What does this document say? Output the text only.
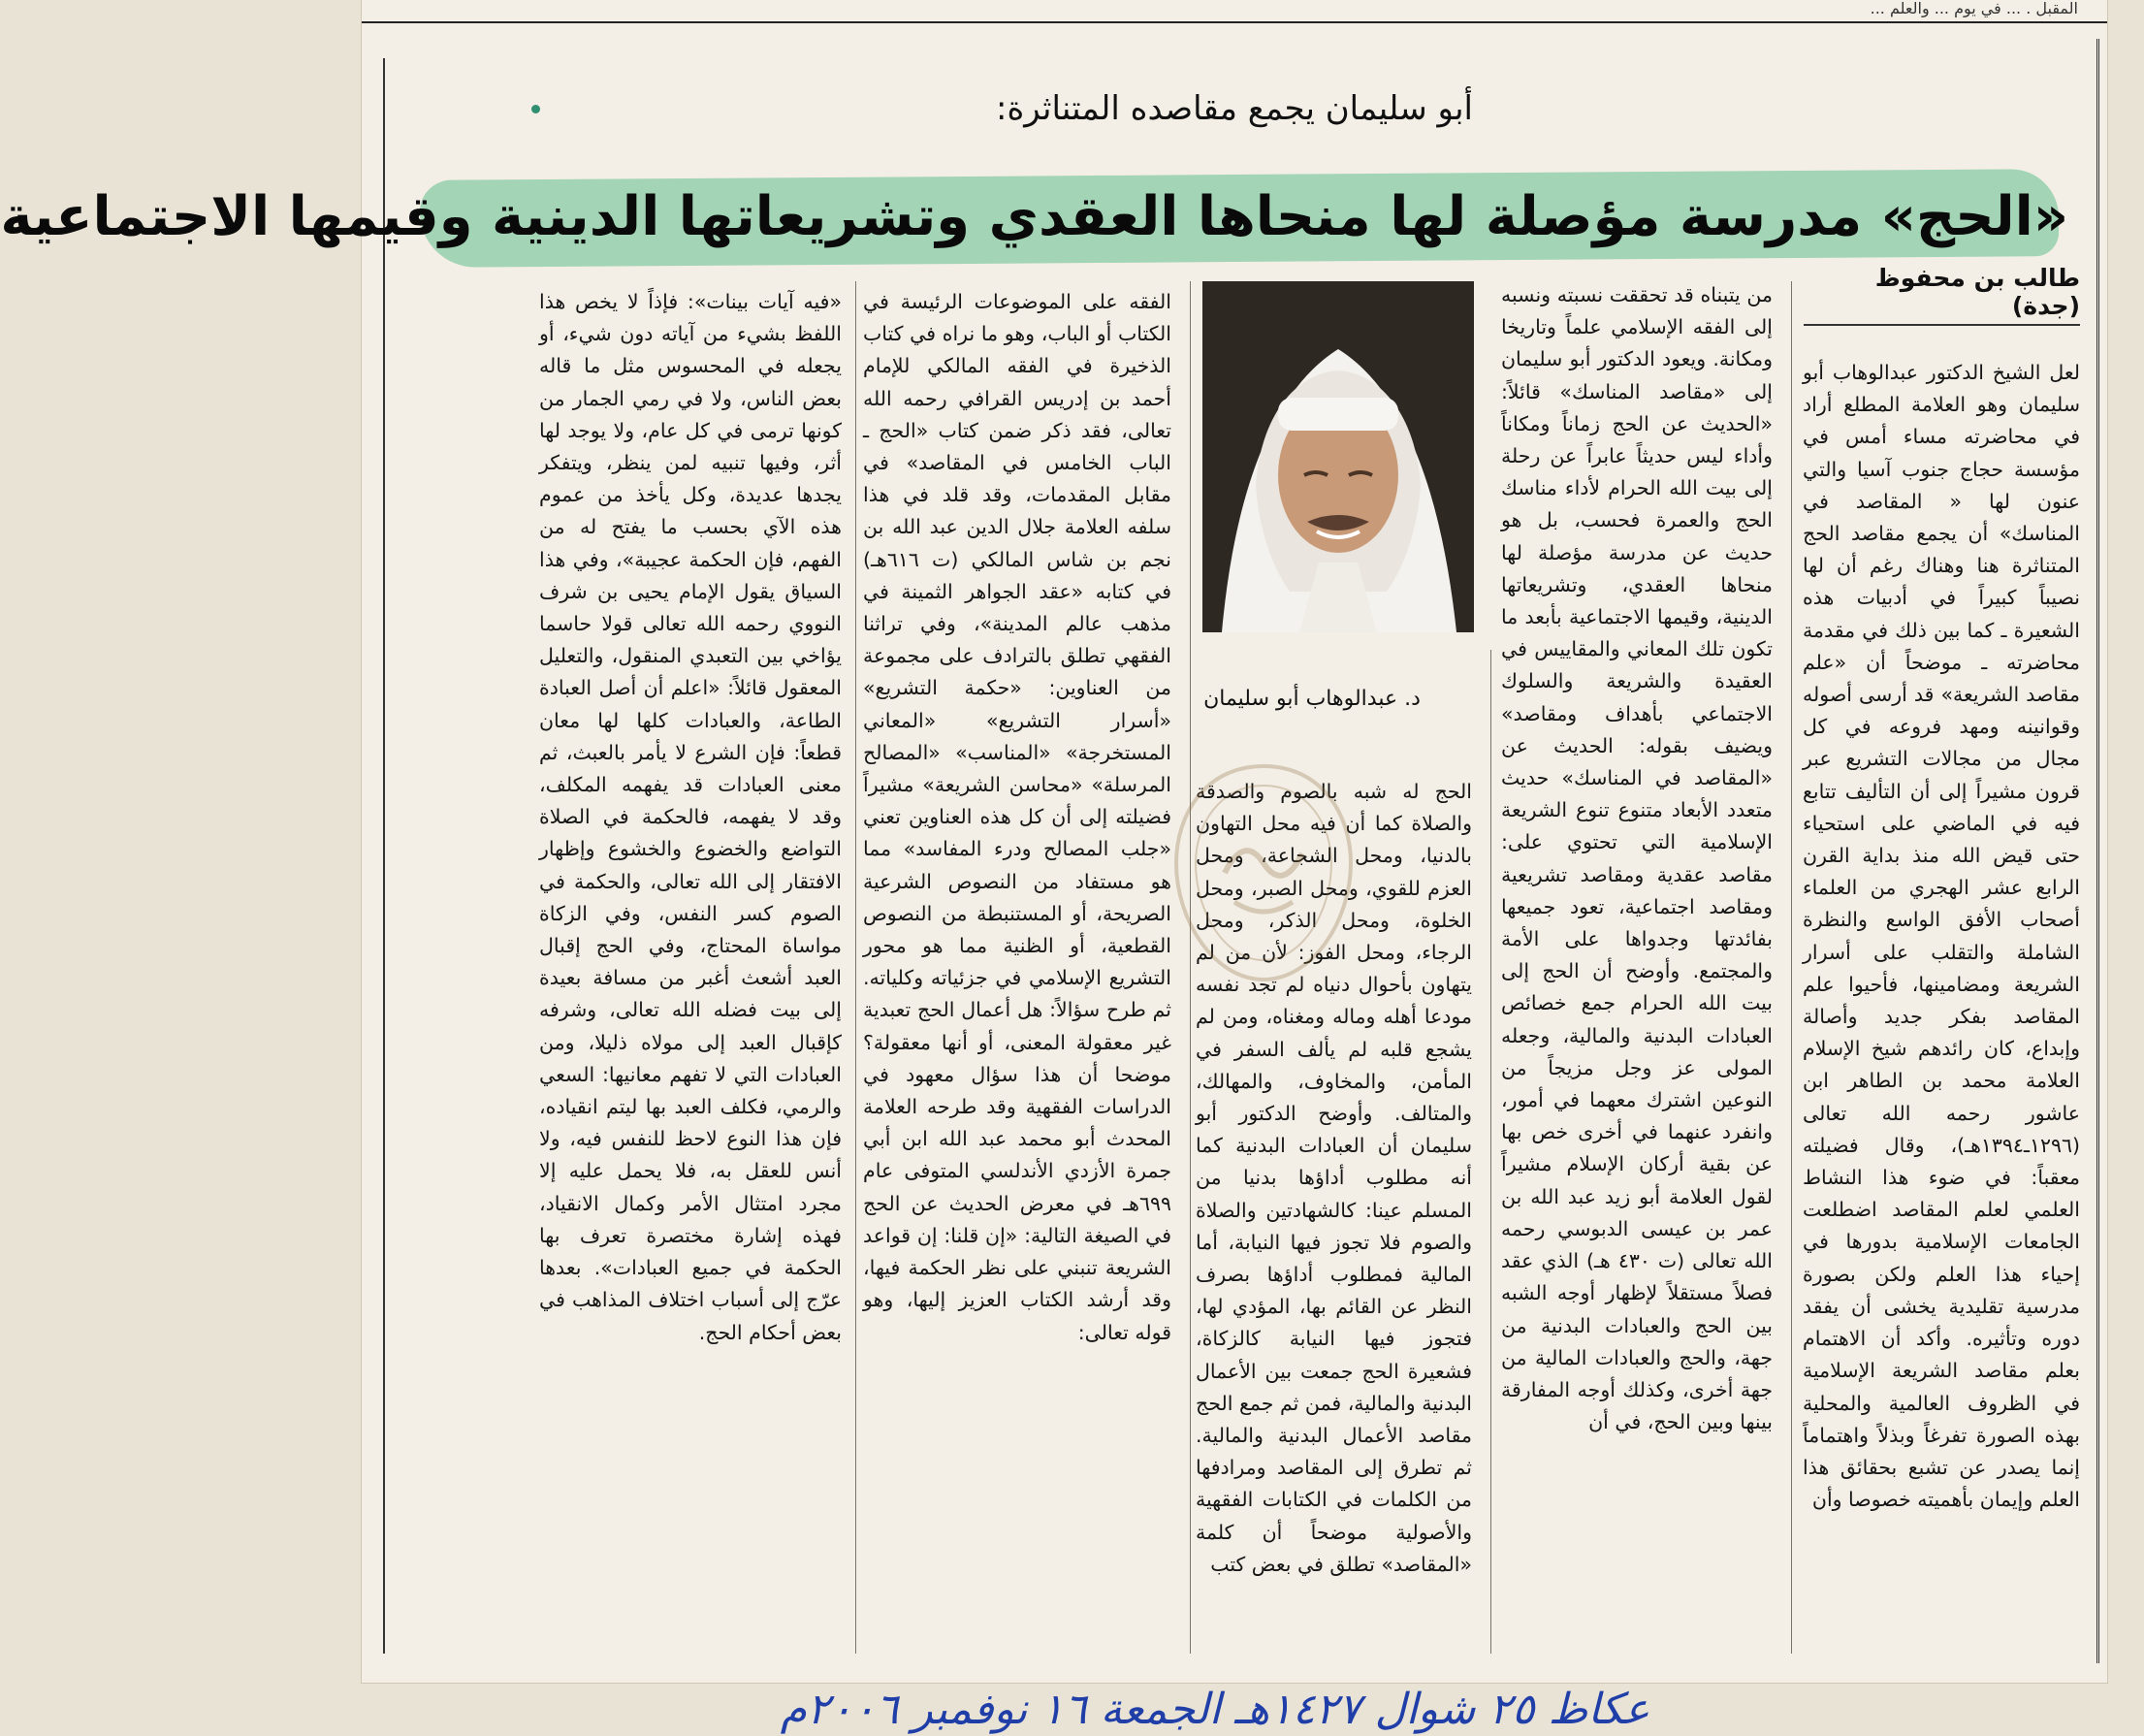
المقبل . ... في يوم ... والعلم ...
أبو سليمان يجمع مقاصده المتناثرة:
«الحج» مدرسة مؤصلة لها منحاها العقدي وتشريعاتها الدينية وقيمها الاجتماعية
طالب بن محفوظ (جدة)

لعل الشيخ الدكتور عبدالوهاب أبو سليمان وهو العلامة المطلع أراد في محاضرته مساء أمس في مؤسسة حجاج جنوب آسيا والتي عنون لها « المقاصد في المناسك» أن يجمع مقاصد الحج المتناثرة هنا وهناك رغم أن لها نصيباً كبيراً في أدبيات هذه الشعيرة ـ كما بين ذلك في مقدمة محاضرته ـ موضحاً أن «علم مقاصد الشريعة» قد أرسى أصوله وقوانينه ومهد فروعه في كل مجال من مجالات التشريع عبر قرون مشيراً إلى أن التأليف تتابع فيه في الماضي على استحياء حتى قيض الله منذ بداية القرن الرابع عشر الهجري من العلماء أصحاب الأفق الواسع والنظرة الشاملة والتقلب على أسرار الشريعة ومضامينها، فأحيوا علم المقاصد بفكر جديد وأصالة وإبداع، كان رائدهم شيخ الإسلام العلامة محمد بن الطاهر ابن عاشور رحمه الله تعالى (١٢٩٦ـ١٣٩٤هـ)، وقال فضيلته معقباً: في ضوء هذا النشاط العلمي لعلم المقاصد اضطلعت الجامعات الإسلامية بدورها في إحياء هذا العلم ولكن بصورة مدرسية تقليدية يخشى أن يفقد دوره وتأثيره. وأكد أن الاهتمام بعلم مقاصد الشريعة الإسلامية في الظروف العالمية والمحلية بهذه الصورة تفرغاً وبذلاً واهتماماً إنما يصدر عن تشبع بحقائق هذا العلم وإيمان بأهميته خصوصا وأن

من يتبناه قد تحققت نسبته ونسبه إلى الفقه الإسلامي علماً وتاريخا ومكانة. ويعود الدكتور أبو سليمان إلى «مقاصد المناسك» قائلاً: «الحديث عن الحج زماناً ومكاناً وأداء ليس حديثاً عابراً عن رحلة إلى بيت الله الحرام لأداء مناسك الحج والعمرة فحسب، بل هو حديث عن مدرسة مؤصلة لها منحاها العقدي، وتشريعاتها الدينية، وقيمها الاجتماعية بأبعد ما تكون تلك المعاني والمقاييس في العقيدة والشريعة والسلوك الاجتماعي بأهداف ومقاصد» ويضيف بقوله: الحديث عن «المقاصد في المناسك» حديث متعدد الأبعاد متنوع تنوع الشريعة الإسلامية التي تحتوي على: مقاصد عقدية ومقاصد تشريعية ومقاصد اجتماعية، تعود جميعها بفائدتها وجدواها على الأمة والمجتمع. وأوضح أن الحج إلى بيت الله الحرام جمع خصائص العبادات البدنية والمالية، وجعله المولى عز وجل مزيجاً من النوعين اشترك معهما في أمور، وانفرد عنهما في أخرى خص بها عن بقية أركان الإسلام مشيراً لقول العلامة أبو زيد عبد الله بن عمر بن عيسى الدبوسي رحمه الله تعالى (ت ٤٣٠ هـ) الذي عقد فصلاً مستقلاً لإظهار أوجه الشبه بين الحج والعبادات البدنية من جهة، والحج والعبادات المالية من جهة أخرى، وكذلك أوجه المفارقة بينها وبين الحج، في أن

د. عبدالوهاب أبو سليمان

الحج له شبه بالصوم والصدقة والصلاة كما أن فيه محل التهاون بالدنيا، ومحل الشجاعة، ومحل العزم للقوي، ومحل الصبر، ومحل الخلوة، ومحل الذكر، ومحل الرجاء، ومحل الفوز: لأن من لم يتهاون بأحوال دنياه لم تجد نفسه مودعا أهله وماله ومغناه، ومن لم يشجع قلبه لم يألف السفر في المأمن، والمخاوف، والمهالك، والمتالف. وأوضح الدكتور أبو سليمان أن العبادات البدنية كما أنه مطلوب أداؤها بدنيا من المسلم عينا: كالشهادتين والصلاة والصوم فلا تجوز فيها النيابة، أما المالية فمطلوب أداؤها بصرف النظر عن القائم بها، المؤدي لها، فتجوز فيها النيابة كالزكاة، فشعيرة الحج جمعت بين الأعمال البدنية والمالية، فمن ثم جمع الحج مقاصد الأعمال البدنية والمالية. ثم تطرق إلى المقاصد ومرادفها من الكلمات في الكتابات الفقهية والأصولية موضحاً أن كلمة «المقاصد» تطلق في بعض كتب

الفقه على الموضوعات الرئيسة في الكتاب أو الباب، وهو ما نراه في كتاب الذخيرة في الفقه المالكي للإمام أحمد بن إدريس القرافي رحمه الله تعالى، فقد ذكر ضمن كتاب «الحج ـ الباب الخامس في المقاصد» في مقابل المقدمات، وقد قلد في هذا سلفه العلامة جلال الدين عبد الله بن نجم بن شاس المالكي (ت ٦١٦هـ) في كتابه «عقد الجواهر الثمينة في مذهب عالم المدينة»، وفي تراثنا الفقهي تطلق بالترادف على مجموعة من العناوين: «حكمة التشريع» «أسرار التشريع» «المعاني المستخرجة» «المناسب» «المصالح المرسلة» «محاسن الشريعة» مشيراً فضيلته إلى أن كل هذه العناوين تعني «جلب المصالح ودرء المفاسد» مما هو مستفاد من النصوص الشرعية الصريحة، أو المستنبطة من النصوص القطعية، أو الظنية مما هو محور التشريع الإسلامي في جزئياته وكلياته. ثم طرح سؤالاً: هل أعمال الحج تعبدية غير معقولة المعنى، أو أنها معقولة؟ موضحا أن هذا سؤال معهود في الدراسات الفقهية وقد طرحه العلامة المحدث أبو محمد عبد الله ابن أبي جمرة الأزدي الأندلسي المتوفى عام ٦٩٩هـ في معرض الحديث عن الحج في الصيغة التالية: «إن قلنا: إن قواعد الشريعة تنبني على نظر الحكمة فيها، وقد أرشد الكتاب العزيز إليها، وهو قوله تعالى:

«فيه آيات بينات»: فإذاً لا يخص هذا اللفظ بشيء من آياته دون شيء، أو يجعله في المحسوس مثل ما قاله بعض الناس، ولا في رمي الجمار من كونها ترمى في كل عام، ولا يوجد لها أثر، وفيها تنبيه لمن ينظر، ويتفكر يجدها عديدة، وكل يأخذ من عموم هذه الآي بحسب ما يفتح له من الفهم، فإن الحكمة عجيبة»، وفي هذا السياق يقول الإمام يحيى بن شرف النووي رحمه الله تعالى قولا حاسما يؤاخي بين التعبدي المنقول، والتعليل المعقول قائلاً: «اعلم أن أصل العبادة الطاعة، والعبادات كلها لها معان قطعاً: فإن الشرع لا يأمر بالعبث، ثم معنى العبادات قد يفهمه المكلف، وقد لا يفهمه، فالحكمة في الصلاة التواضع والخضوع والخشوع وإظهار الافتقار إلى الله تعالى، والحكمة في الصوم كسر النفس، وفي الزكاة مواساة المحتاج، وفي الحج إقبال العبد أشعث أغبر من مسافة بعيدة إلى بيت فضله الله تعالى، وشرفه كإقبال العبد إلى مولاه ذليلا، ومن العبادات التي لا تفهم معانيها: السعي والرمي، فكلف العبد بها ليتم انقياده، فإن هذا النوع لاحظ للنفس فيه، ولا أنس للعقل به، فلا يحمل عليه إلا مجرد امتثال الأمر وكمال الانقياد، فهذه إشارة مختصرة تعرف بها الحكمة في جميع العبادات». بعدها عرّج إلى أسباب اختلاف المذاهب في بعض أحكام الحج.

عكاظ ٢٥ شوال ١٤٢٧هـ الجمعة ١٦ نوفمبر ٢٠٠٦م
